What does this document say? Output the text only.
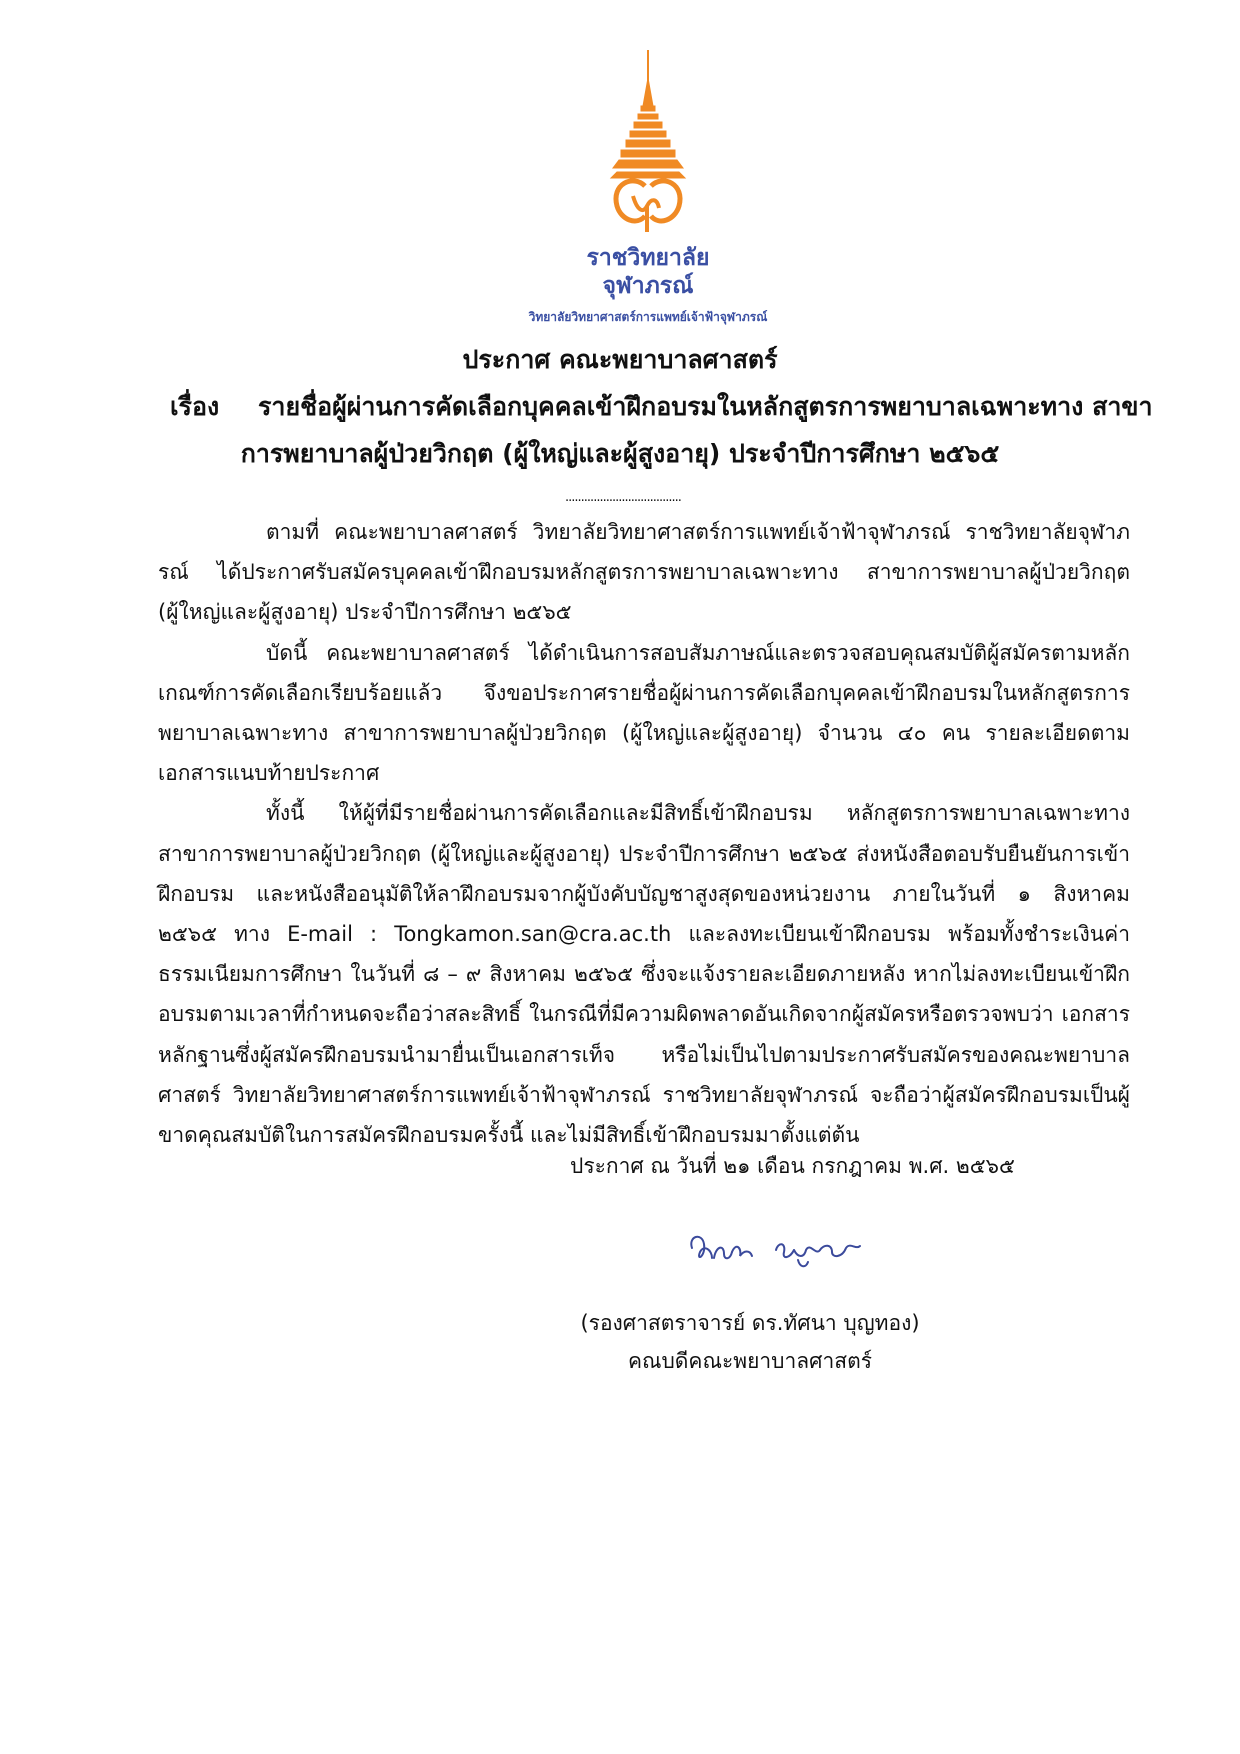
ราชวิทยาลัย
จุฬาภรณ์
วิทยาลัยวิทยาศาสตร์การแพทย์เจ้าฟ้าจุฬาภรณ์
ประกาศ คณะพยาบาลศาสตร์
เรื่อง รายชื่อผู้ผ่านการคัดเลือกบุคคลเข้าฝึกอบรมในหลักสูตรการพยาบาลเฉพาะทาง สาขา
การพยาบาลผู้ป่วยวิกฤต (ผู้ใหญ่และผู้สูงอายุ) ประจำปีการศึกษา ๒๕๖๕
.....................................

ตามที่ คณะพยาบาลศาสตร์ วิทยาลัยวิทยาศาสตร์การแพทย์เจ้าฟ้าจุฬาภรณ์ ราชวิทยาลัยจุฬาภรณ์ ได้ประกาศรับสมัครบุคคลเข้าฝึกอบรมหลักสูตรการพยาบาลเฉพาะทาง สาขาการพยาบาลผู้ป่วยวิกฤต (ผู้ใหญ่และผู้สูงอายุ) ประจำปีการศึกษา ๒๕๖๕

บัดนี้ คณะพยาบาลศาสตร์ ได้ดำเนินการสอบสัมภาษณ์และตรวจสอบคุณสมบัติผู้สมัครตามหลักเกณฑ์การคัดเลือกเรียบร้อยแล้ว จึงขอประกาศรายชื่อผู้ผ่านการคัดเลือกบุคคลเข้าฝึกอบรมในหลักสูตรการพยาบาลเฉพาะทาง สาขาการพยาบาลผู้ป่วยวิกฤต (ผู้ใหญ่และผู้สูงอายุ) จำนวน ๔๐ คน รายละเอียดตามเอกสารแนบท้ายประกาศ

ทั้งนี้ ให้ผู้ที่มีรายชื่อผ่านการคัดเลือกและมีสิทธิ์เข้าฝึกอบรม หลักสูตรการพยาบาลเฉพาะทาง สาขาการพยาบาลผู้ป่วยวิกฤต (ผู้ใหญ่และผู้สูงอายุ) ประจำปีการศึกษา ๒๕๖๕ ส่งหนังสือตอบรับยืนยันการเข้าฝึกอบรม และหนังสืออนุมัติให้ลาฝึกอบรมจากผู้บังคับบัญชาสูงสุดของหน่วยงาน ภายในวันที่ ๑ สิงหาคม ๒๕๖๕ ทาง E-mail : Tongkamon.san@cra.ac.th และลงทะเบียนเข้าฝึกอบรม พร้อมทั้งชำระเงินค่าธรรมเนียมการศึกษา ในวันที่ ๘ – ๙ สิงหาคม ๒๕๖๕ ซึ่งจะแจ้งรายละเอียดภายหลัง หากไม่ลงทะเบียนเข้าฝึกอบรมตามเวลาที่กำหนดจะถือว่าสละสิทธิ์ ในกรณีที่มีความผิดพลาดอันเกิดจากผู้สมัครหรือตรวจพบว่า เอกสารหลักฐานซึ่งผู้สมัครฝึกอบรมนำมายื่นเป็นเอกสารเท็จ หรือไม่เป็นไปตามประกาศรับสมัครของคณะพยาบาลศาสตร์ วิทยาลัยวิทยาศาสตร์การแพทย์เจ้าฟ้าจุฬาภรณ์ ราชวิทยาลัยจุฬาภรณ์ จะถือว่าผู้สมัครฝึกอบรมเป็นผู้ขาดคุณสมบัติในการสมัครฝึกอบรมครั้งนี้ และไม่มีสิทธิ์เข้าฝึกอบรมมาตั้งแต่ต้น

ประกาศ ณ วันที่ ๒๑ เดือน กรกฎาคม พ.ศ. ๒๕๖๕
(รองศาสตราจารย์ ดร.ทัศนา บุญทอง)
คณบดีคณะพยาบาลศาสตร์
